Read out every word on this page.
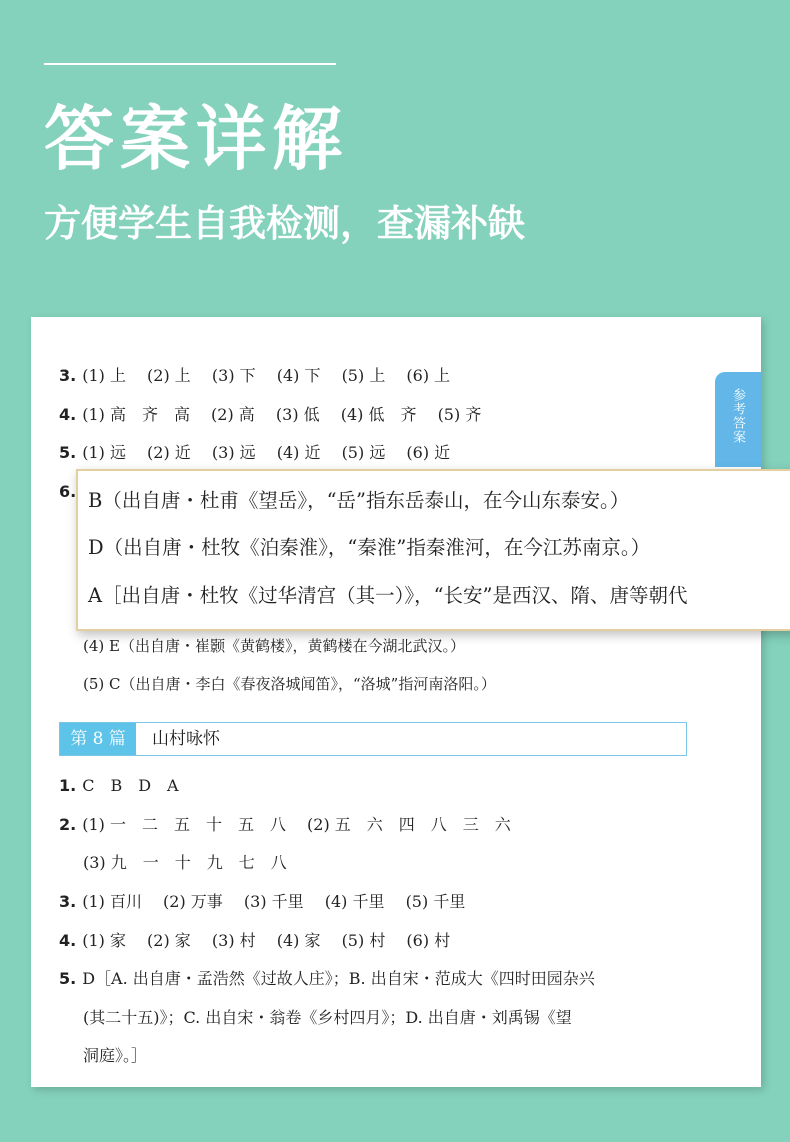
答案详解
方便学生自我检测，查漏补缺
参考答案
3. (1) 上　 (2) 上　 (3) 下　 (4) 下　 (5) 上　 (6) 上
4. (1) 高　齐　高　 (2) 高　 (3) 低　 (4) 低　齐　 (5) 齐
5. (1) 远　 (2) 近　 (3) 远　 (4) 近　 (5) 远　 (6) 近
6.
(4) E（出自唐・崔颢《黄鹤楼》，黄鹤楼在今湖北武汉。）
(5) C（出自唐・李白《春夜洛城闻笛》，“洛城”指河南洛阳。）
第 8 篇	山村咏怀
1. C　B　D　A
2. (1) 一　二　五　十　五　八　 (2) 五　六　四　八　三　六
(3) 九　一　十　九　七　八
3. (1) 百川　 (2) 万事　 (3) 千里　 (4) 千里　 (5) 千里
4. (1) 家　 (2) 家　 (3) 村　 (4) 家　 (5) 村　 (6) 村
5. D［A. 出自唐・孟浩然《过故人庄》；B. 出自宋・范成大《四时田园杂兴
(其二十五)》；C. 出自宋・翁卷《乡村四月》；D. 出自唐・刘禹锡《望
洞庭》。］
B（出自唐・杜甫《望岳》，“岳”指东岳泰山，在今山东泰安。）
D（出自唐・杜牧《泊秦淮》，“秦淮”指秦淮河，在今江苏南京。）
A［出自唐・杜牧《过华清宫（其一）》，“长安”是西汉、隋、唐等朝代
